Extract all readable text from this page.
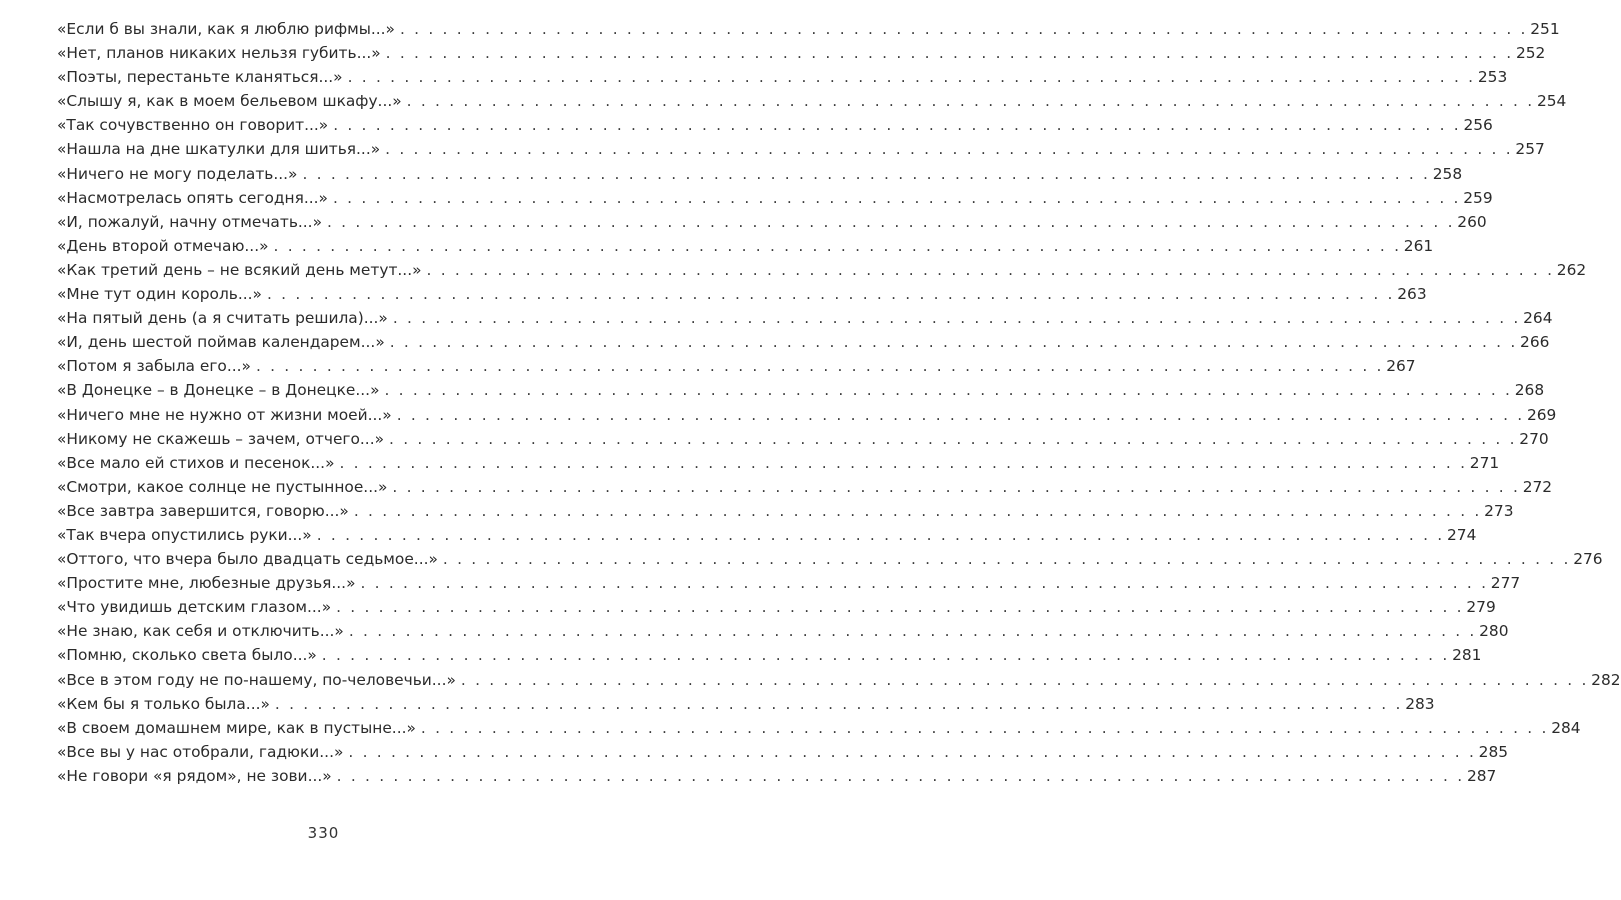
«Если б вы знали, как я люблю рифмы...» . . . . . . . . . . . . . . . . . . . . . . . . . . . . . . . . . . . . . . . . . . . . . . . . . . . . . . . . . . . . . . . . . . . . . . . . . . . . . . . . 251
«Нет, планов никаких нельзя губить...» . . . . . . . . . . . . . . . . . . . . . . . . . . . . . . . . . . . . . . . . . . . . . . . . . . . . . . . . . . . . . . . . . . . . . . . . . . . . . . . . 252
«Поэты, перестаньте кланяться...» . . . . . . . . . . . . . . . . . . . . . . . . . . . . . . . . . . . . . . . . . . . . . . . . . . . . . . . . . . . . . . . . . . . . . . . . . . . . . . . . 253
«Слышу я, как в моем бельевом шкафу...» . . . . . . . . . . . . . . . . . . . . . . . . . . . . . . . . . . . . . . . . . . . . . . . . . . . . . . . . . . . . . . . . . . . . . . . . . . . . . . . . 254
«Так сочувственно он говорит...» . . . . . . . . . . . . . . . . . . . . . . . . . . . . . . . . . . . . . . . . . . . . . . . . . . . . . . . . . . . . . . . . . . . . . . . . . . . . . . . . 256
«Нашла на дне шкатулки для шитья...» . . . . . . . . . . . . . . . . . . . . . . . . . . . . . . . . . . . . . . . . . . . . . . . . . . . . . . . . . . . . . . . . . . . . . . . . . . . . . . . . 257
«Ничего не могу поделать...» . . . . . . . . . . . . . . . . . . . . . . . . . . . . . . . . . . . . . . . . . . . . . . . . . . . . . . . . . . . . . . . . . . . . . . . . . . . . . . . . 258
«Насмотрелась опять сегодня...» . . . . . . . . . . . . . . . . . . . . . . . . . . . . . . . . . . . . . . . . . . . . . . . . . . . . . . . . . . . . . . . . . . . . . . . . . . . . . . . . 259
«И, пожалуй, начну отмечать...» . . . . . . . . . . . . . . . . . . . . . . . . . . . . . . . . . . . . . . . . . . . . . . . . . . . . . . . . . . . . . . . . . . . . . . . . . . . . . . . . 260
«День второй отмечаю...» . . . . . . . . . . . . . . . . . . . . . . . . . . . . . . . . . . . . . . . . . . . . . . . . . . . . . . . . . . . . . . . . . . . . . . . . . . . . . . . . 261
«Как третий день – не всякий день метут...» . . . . . . . . . . . . . . . . . . . . . . . . . . . . . . . . . . . . . . . . . . . . . . . . . . . . . . . . . . . . . . . . . . . . . . . . . . . . . . . . 262
«Мне тут один король...» . . . . . . . . . . . . . . . . . . . . . . . . . . . . . . . . . . . . . . . . . . . . . . . . . . . . . . . . . . . . . . . . . . . . . . . . . . . . . . . . 263
«На пятый день (а я считать решила)...» . . . . . . . . . . . . . . . . . . . . . . . . . . . . . . . . . . . . . . . . . . . . . . . . . . . . . . . . . . . . . . . . . . . . . . . . . . . . . . . . 264
«И, день шестой поймав календарем...» . . . . . . . . . . . . . . . . . . . . . . . . . . . . . . . . . . . . . . . . . . . . . . . . . . . . . . . . . . . . . . . . . . . . . . . . . . . . . . . . 266
«Потом я забыла его...» . . . . . . . . . . . . . . . . . . . . . . . . . . . . . . . . . . . . . . . . . . . . . . . . . . . . . . . . . . . . . . . . . . . . . . . . . . . . . . . . 267
«В Донецке – в Донецке – в Донецке...» . . . . . . . . . . . . . . . . . . . . . . . . . . . . . . . . . . . . . . . . . . . . . . . . . . . . . . . . . . . . . . . . . . . . . . . . . . . . . . . . 268
«Ничего мне не нужно от жизни моей...» . . . . . . . . . . . . . . . . . . . . . . . . . . . . . . . . . . . . . . . . . . . . . . . . . . . . . . . . . . . . . . . . . . . . . . . . . . . . . . . . 269
«Никому не скажешь – зачем, отчего...» . . . . . . . . . . . . . . . . . . . . . . . . . . . . . . . . . . . . . . . . . . . . . . . . . . . . . . . . . . . . . . . . . . . . . . . . . . . . . . . . 270
«Все мало ей стихов и песенок...» . . . . . . . . . . . . . . . . . . . . . . . . . . . . . . . . . . . . . . . . . . . . . . . . . . . . . . . . . . . . . . . . . . . . . . . . . . . . . . . . 271
«Смотри, какое солнце не пустынное...» . . . . . . . . . . . . . . . . . . . . . . . . . . . . . . . . . . . . . . . . . . . . . . . . . . . . . . . . . . . . . . . . . . . . . . . . . . . . . . . . 272
«Все завтра завершится, говорю...» . . . . . . . . . . . . . . . . . . . . . . . . . . . . . . . . . . . . . . . . . . . . . . . . . . . . . . . . . . . . . . . . . . . . . . . . . . . . . . . . 273
«Так вчера опустились руки...» . . . . . . . . . . . . . . . . . . . . . . . . . . . . . . . . . . . . . . . . . . . . . . . . . . . . . . . . . . . . . . . . . . . . . . . . . . . . . . . . 274
«Оттого, что вчера было двадцать седьмое...» . . . . . . . . . . . . . . . . . . . . . . . . . . . . . . . . . . . . . . . . . . . . . . . . . . . . . . . . . . . . . . . . . . . . . . . . . . . . . . . . 276
«Простите мне, любезные друзья...» . . . . . . . . . . . . . . . . . . . . . . . . . . . . . . . . . . . . . . . . . . . . . . . . . . . . . . . . . . . . . . . . . . . . . . . . . . . . . . . . 277
«Что увидишь детским глазом...» . . . . . . . . . . . . . . . . . . . . . . . . . . . . . . . . . . . . . . . . . . . . . . . . . . . . . . . . . . . . . . . . . . . . . . . . . . . . . . . . 279
«Не знаю, как себя и отключить...» . . . . . . . . . . . . . . . . . . . . . . . . . . . . . . . . . . . . . . . . . . . . . . . . . . . . . . . . . . . . . . . . . . . . . . . . . . . . . . . . 280
«Помню, сколько света было...» . . . . . . . . . . . . . . . . . . . . . . . . . . . . . . . . . . . . . . . . . . . . . . . . . . . . . . . . . . . . . . . . . . . . . . . . . . . . . . . . 281
«Все в этом году не по-нашему, по-человечьи...» . . . . . . . . . . . . . . . . . . . . . . . . . . . . . . . . . . . . . . . . . . . . . . . . . . . . . . . . . . . . . . . . . . . . . . . . . . . . . . . . 282
«Кем бы я только была...» . . . . . . . . . . . . . . . . . . . . . . . . . . . . . . . . . . . . . . . . . . . . . . . . . . . . . . . . . . . . . . . . . . . . . . . . . . . . . . . . 283
«В своем домашнем мире, как в пустыне...» . . . . . . . . . . . . . . . . . . . . . . . . . . . . . . . . . . . . . . . . . . . . . . . . . . . . . . . . . . . . . . . . . . . . . . . . . . . . . . . . 284
«Все вы у нас отобрали, гадюки...» . . . . . . . . . . . . . . . . . . . . . . . . . . . . . . . . . . . . . . . . . . . . . . . . . . . . . . . . . . . . . . . . . . . . . . . . . . . . . . . . 285
«Не говори «я рядом», не зови...» . . . . . . . . . . . . . . . . . . . . . . . . . . . . . . . . . . . . . . . . . . . . . . . . . . . . . . . . . . . . . . . . . . . . . . . . . . . . . . . . 287
330
